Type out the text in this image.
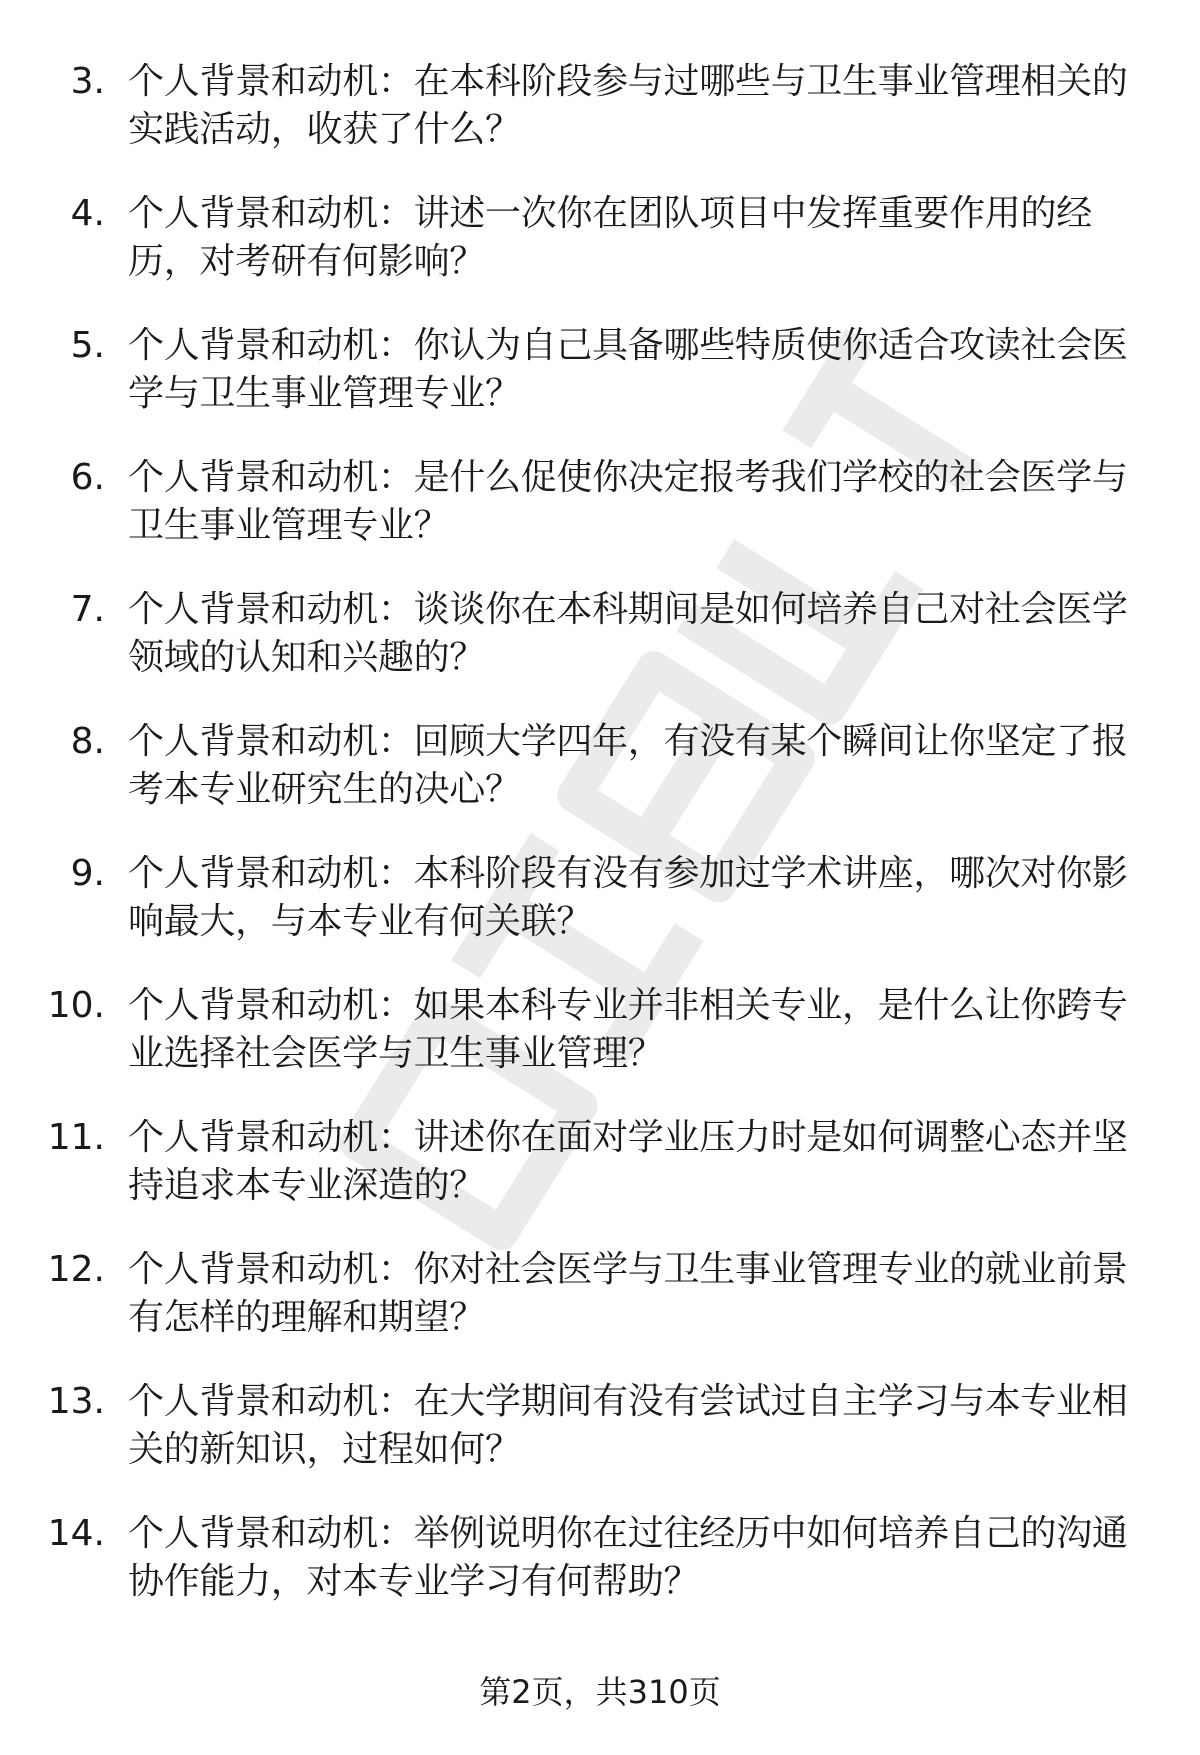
3. 个人背景和动机：在本科阶段参与过哪些与卫生事业管理相关的实践活动，收获了什么？

4. 个人背景和动机：讲述一次你在团队项目中发挥重要作用的经历，对考研有何影响？

5. 个人背景和动机：你认为自己具备哪些特质使你适合攻读社会医学与卫生事业管理专业？

6. 个人背景和动机：是什么促使你决定报考我们学校的社会医学与卫生事业管理专业？

7. 个人背景和动机：谈谈你在本科期间是如何培养自己对社会医学领域的认知和兴趣的？

8. 个人背景和动机：回顾大学四年，有没有某个瞬间让你坚定了报考本专业研究生的决心？

9. 个人背景和动机：本科阶段有没有参加过学术讲座，哪次对你影响最大，与本专业有何关联？

10. 个人背景和动机：如果本科专业并非相关专业，是什么让你跨专业选择社会医学与卫生事业管理？

11. 个人背景和动机：讲述你在面对学业压力时是如何调整心态并坚持追求本专业深造的？

12. 个人背景和动机：你对社会医学与卫生事业管理专业的就业前景有怎样的理解和期望？

13. 个人背景和动机：在大学期间有没有尝试过自主学习与本专业相关的新知识，过程如何？

14. 个人背景和动机：举例说明你在过往经历中如何培养自己的沟通协作能力，对本专业学习有何帮助？

第2页，共310页
